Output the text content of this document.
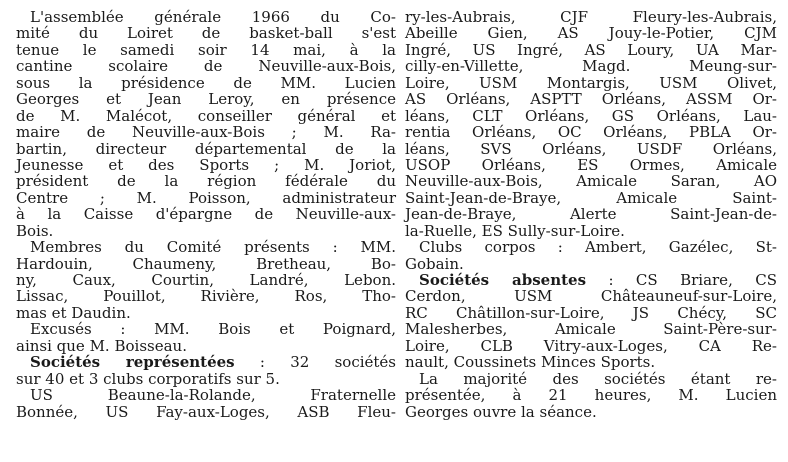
L'assemblée générale 1966 du Co-
mité du Loiret de basket-ball s'est
tenue le samedi soir 14 mai, à la
cantine scolaire de Neuville-aux-Bois,
sous la présidence de MM. Lucien
Georges et Jean Leroy, en présence
de M. Malécot, conseiller général et
maire de Neuville-aux-Bois ; M. Ra-
bartin, directeur départemental de la
Jeunesse et des Sports ; M. Joriot,
président de la région fédérale du
Centre ; M. Poisson, administrateur
à la Caisse d'épargne de Neuville-aux-
Bois.
Membres du Comité présents : MM.
Hardouin, Chaumeny, Bretheau, Bo-
ny, Caux, Courtin, Landré, Lebon.
Lissac, Pouillot, Rivière, Ros, Tho-
mas et Daudin.
Excusés : MM. Bois et Poignard,
ainsi que M. Boisseau.
Sociétés représentées : 32 sociétés
sur 40 et 3 clubs corporatifs sur 5.
US Beaune-la-Rolande, Fraternelle
Bonnée, US Fay-aux-Loges, ASB Fleu-
ry-les-Aubrais, CJF Fleury-les-Aubrais,
Abeille Gien, AS Jouy-le-Potier, CJM
Ingré, US Ingré, AS Loury, UA Mar-
cilly-en-Villette, Magd. Meung-sur-
Loire, USM Montargis, USM Olivet,
AS Orléans, ASPTT Orléans, ASSM Or-
léans, CLT Orléans, GS Orléans, Lau-
rentia Orléans, OC Orléans, PBLA Or-
léans, SVS Orléans, USDF Orléans,
USOP Orléans, ES Ormes, Amicale
Neuville-aux-Bois, Amicale Saran, AO
Saint-Jean-de-Braye, Amicale Saint-
Jean-de-Braye, Alerte Saint-Jean-de-
la-Ruelle, ES Sully-sur-Loire.
Clubs corpos : Ambert, Gazélec, St-
Gobain.
Sociétés absentes : CS Briare, CS
Cerdon, USM Châteauneuf-sur-Loire,
RC Châtillon-sur-Loire, JS Chécy, SC
Malesherbes, Amicale Saint-Père-sur-
Loire, CLB Vitry-aux-Loges, CA Re-
nault, Coussinets Minces Sports.
La majorité des sociétés étant re-
présentée, à 21 heures, M. Lucien
Georges ouvre la séance.
